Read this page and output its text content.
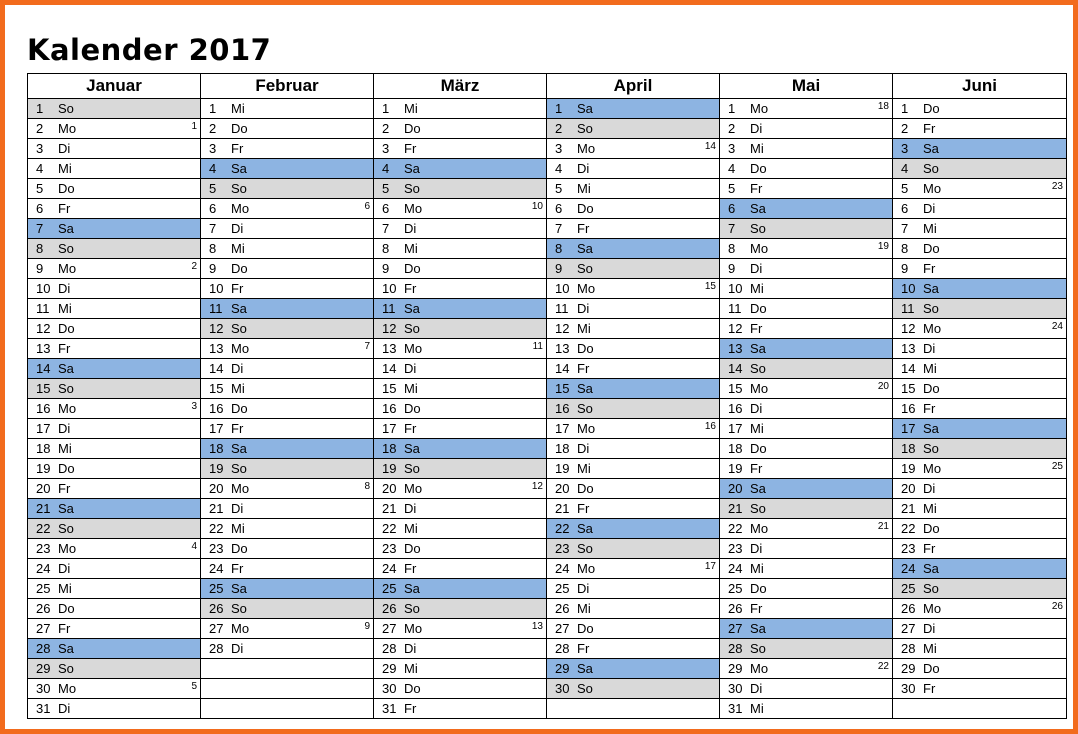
Kalender 2017
Januar	Februar	März	April	Mai	Juni

1 So	1 Mi	1 Mi	1 Sa	1 Mo 18	1 Do

2 Mo 1	2 Do	2 Do	2 So	2 Di	2 Fr

3 Di	3 Fr	3 Fr	3 Mo 14	3 Mi	3 Sa

4 Mi	4 Sa	4 Sa	4 Di	4 Do	4 So

5 Do	5 So	5 So	5 Mi	5 Fr	5 Mo 23

6 Fr	6 Mo 6	6 Mo 10	6 Do	6 Sa	6 Di

7 Sa	7 Di	7 Di	7 Fr	7 So	7 Mi

8 So	8 Mi	8 Mi	8 Sa	8 Mo 19	8 Do

9 Mo 2	9 Do	9 Do	9 So	9 Di	9 Fr

10 Di	10 Fr	10 Fr	10 Mo 15	10 Mi	10 Sa

11 Mi	11 Sa	11 Sa	11 Di	11 Do	11 So

12 Do	12 So	12 So	12 Mi	12 Fr	12 Mo 24

13 Fr	13 Mo 7	13 Mo 11	13 Do	13 Sa	13 Di

14 Sa	14 Di	14 Di	14 Fr	14 So	14 Mi

15 So	15 Mi	15 Mi	15 Sa	15 Mo 20	15 Do

16 Mo 3	16 Do	16 Do	16 So	16 Di	16 Fr

17 Di	17 Fr	17 Fr	17 Mo 16	17 Mi	17 Sa

18 Mi	18 Sa	18 Sa	18 Di	18 Do	18 So

19 Do	19 So	19 So	19 Mi	19 Fr	19 Mo 25

20 Fr	20 Mo 8	20 Mo 12	20 Do	20 Sa	20 Di

21 Sa	21 Di	21 Di	21 Fr	21 So	21 Mi

22 So	22 Mi	22 Mi	22 Sa	22 Mo 21	22 Do

23 Mo 4	23 Do	23 Do	23 So	23 Di	23 Fr

24 Di	24 Fr	24 Fr	24 Mo 17	24 Mi	24 Sa

25 Mi	25 Sa	25 Sa	25 Di	25 Do	25 So

26 Do	26 So	26 So	26 Mi	26 Fr	26 Mo 26

27 Fr	27 Mo 9	27 Mo 13	27 Do	27 Sa	27 Di

28 Sa	28 Di	28 Di	28 Fr	28 So	28 Mi

29 So		29 Mi	29 Sa	29 Mo 22	29 Do

30 Mo 5		30 Do	30 So	30 Di	30 Fr

31 Di		31 Fr		31 Mi	
